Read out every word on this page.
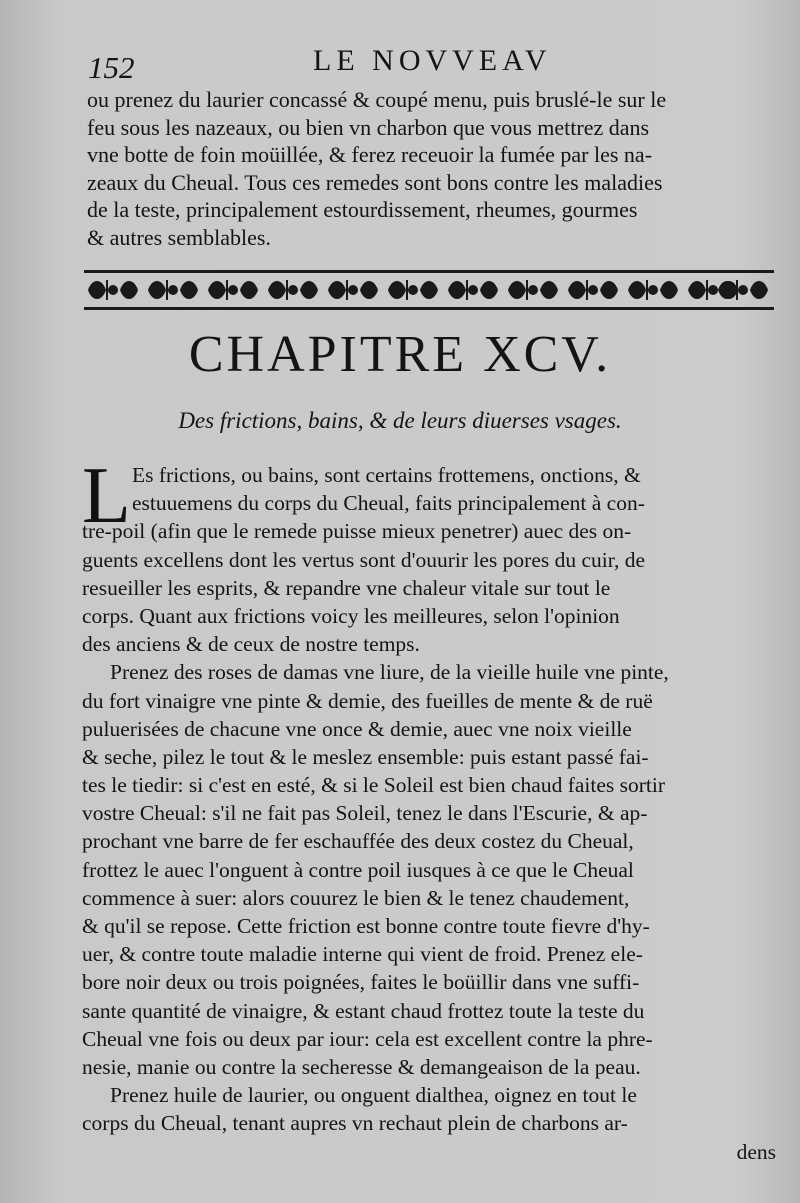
152	LE NOVVEAV
ou prenez du laurier concassé & coupé menu, puis bruslé-le sur le
feu sous les nazeaux, ou bien vn charbon que vous mettrez dans
vne botte de foin moüillée, & ferez receuoir la fumée par les na-
zeaux du Cheual. Tous ces remedes sont bons contre les maladies
de la teste, principalement estourdissement, rheumes, gourmes
& autres semblables.
CHAPITRE XCV.
Des frictions, bains, & de leurs diuerses vsages.
L Es frictions, ou bains, sont certains frottemens, onctions, &
estuuemens du corps du Cheual, faits principalement à con-
tre-poil (afin que le remede puisse mieux penetrer) auec des on-
guents excellens dont les vertus sont d'ouurir les pores du cuir, de
resueiller les esprits, & repandre vne chaleur vitale sur tout le
corps. Quant aux frictions voicy les meilleures, selon l'opinion
des anciens & de ceux de nostre temps.
Prenez des roses de damas vne liure, de la vieille huile vne pinte,
du fort vinaigre vne pinte & demie, des fueilles de mente & de ruë
puluerisées de chacune vne once & demie, auec vne noix vieille
& seche, pilez le tout & le meslez ensemble: puis estant passé fai-
tes le tiedir: si c'est en esté, & si le Soleil est bien chaud faites sortir
vostre Cheual: s'il ne fait pas Soleil, tenez le dans l'Escurie, & ap-
prochant vne barre de fer eschauffée des deux costez du Cheual,
frottez le auec l'onguent à contre poil iusques à ce que le Cheual
commence à suer: alors couurez le bien & le tenez chaudement,
& qu'il se repose. Cette friction est bonne contre toute fievre d'hy-
uer, & contre toute maladie interne qui vient de froid. Prenez ele-
bore noir deux ou trois poignées, faites le boüillir dans vne suffi-
sante quantité de vinaigre, & estant chaud frottez toute la teste du
Cheual vne fois ou deux par iour: cela est excellent contre la phre-
nesie, manie ou contre la secheresse & demangeaison de la peau.
Prenez huile de laurier, ou onguent dialthea, oignez en tout le
corps du Cheual, tenant aupres vn rechaut plein de charbons ar-
dens
